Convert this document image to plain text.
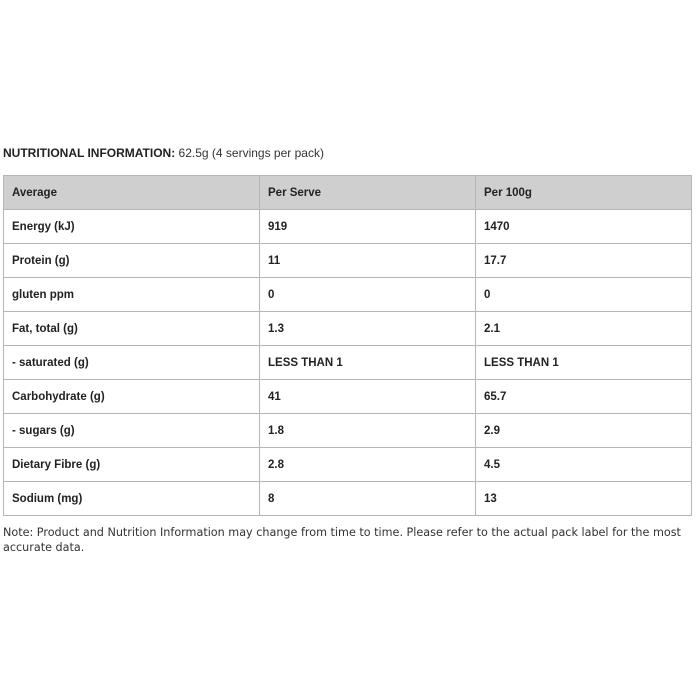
NUTRITIONAL INFORMATION: 62.5g (4 servings per pack)
Average	Per Serve	Per 100g
Energy (kJ)	919	1470
Protein (g)	11	17.7
gluten ppm	0	0
Fat, total (g)	1.3	2.1
- saturated (g)	LESS THAN 1	LESS THAN 1
Carbohydrate (g)	41	65.7
- sugars (g)	1.8	2.9
Dietary Fibre (g)	2.8	4.5
Sodium (mg)	8	13
Note: Product and Nutrition Information may change from time to time. Please refer to the actual pack label for the most accurate data.
